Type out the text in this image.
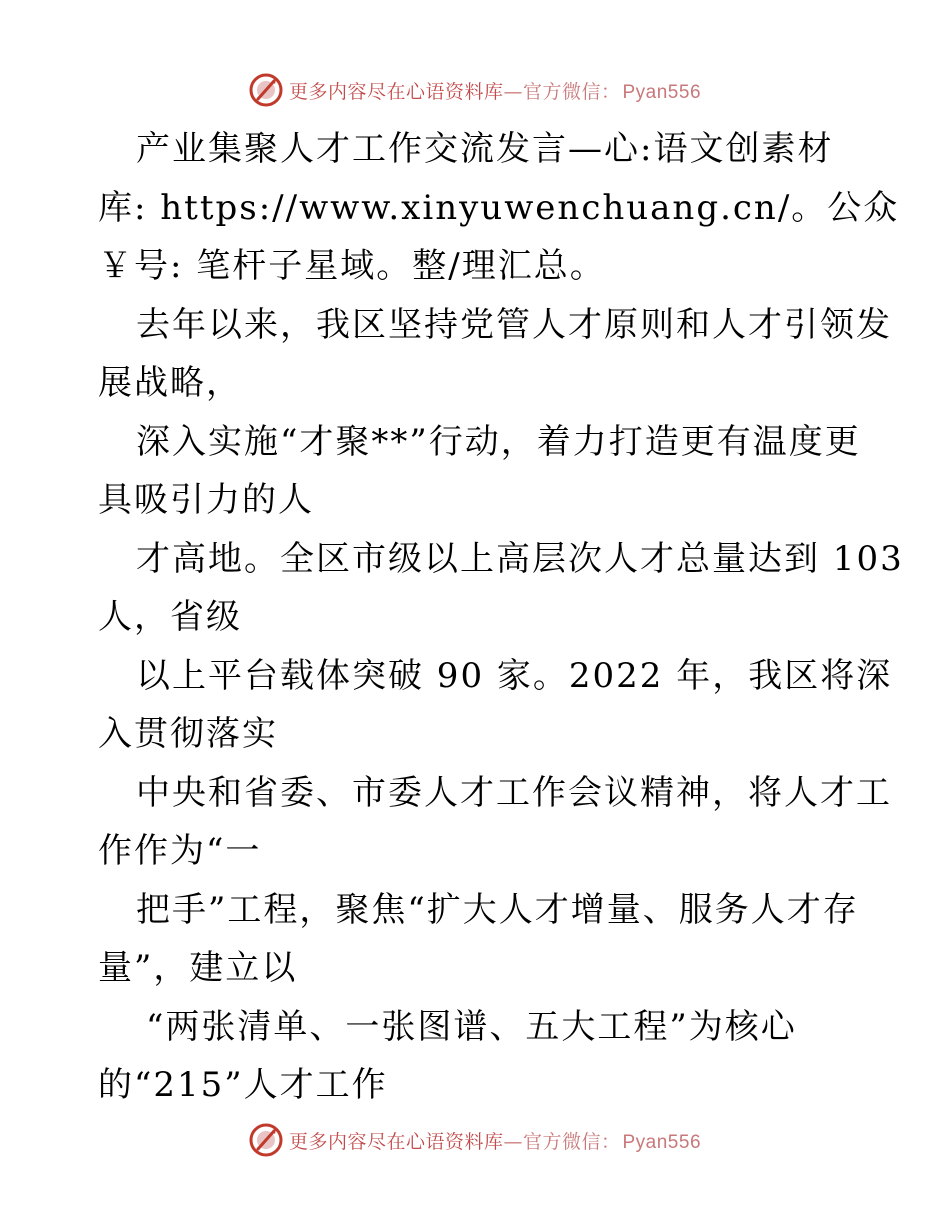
更多内容尽在心语资料库—官方微信： Pyan556
产业集聚人才工作交流发言—心:语文创素材
库: https://www.xinyuwenchuang.cn/。公众
￥号: 笔杆子星域。整/理汇总。
去年以来，我区坚持党管人才原则和人才引领发
展战略，
深入实施“才聚**”行动，着力打造更有温度更
具吸引力的人
才高地。全区市级以上高层次人才总量达到 103
人，省级
以上平台载体突破 90 家。2022 年，我区将深
入贯彻落实
中央和省委、市委人才工作会议精神，将人才工
作作为“一
把手”工程，聚焦“扩大人才增量、服务人才存
量”，建立以
“两张清单、一张图谱、五大工程”为核心
的“215”人才工作
更多内容尽在心语资料库—官方微信： Pyan556
